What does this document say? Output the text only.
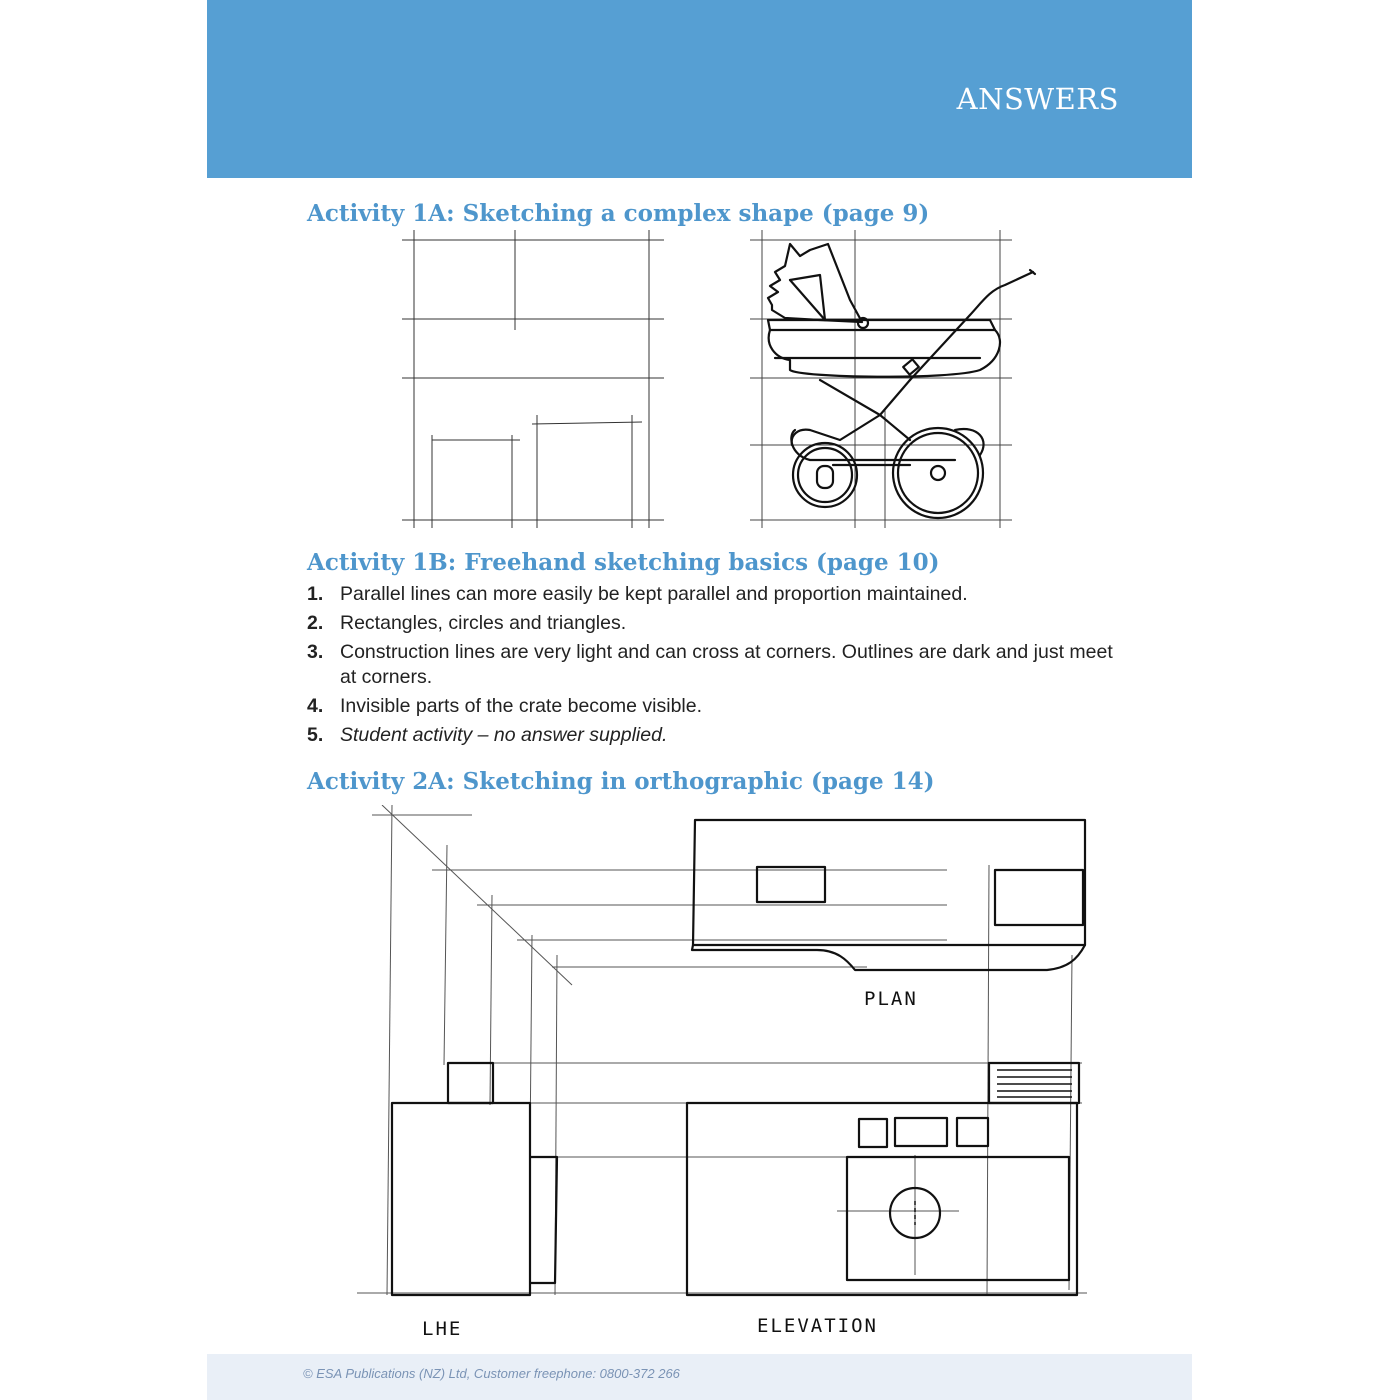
ANSWERS
Activity 1A: Sketching a complex shape (page 9)
Activity 1B: Freehand sketching basics (page 10)
1. Parallel lines can more easily be kept parallel and proportion maintained.
2. Rectangles, circles and triangles.
3. Construction lines are very light and can cross at corners. Outlines are dark and just meet at corners.
4. Invisible parts of the crate become visible.
5. Student activity – no answer supplied.
Activity 2A: Sketching in orthographic (page 14)
PLAN
LHE	ELEVATION
© ESA Publications (NZ) Ltd, Customer freephone: 0800-372 266
